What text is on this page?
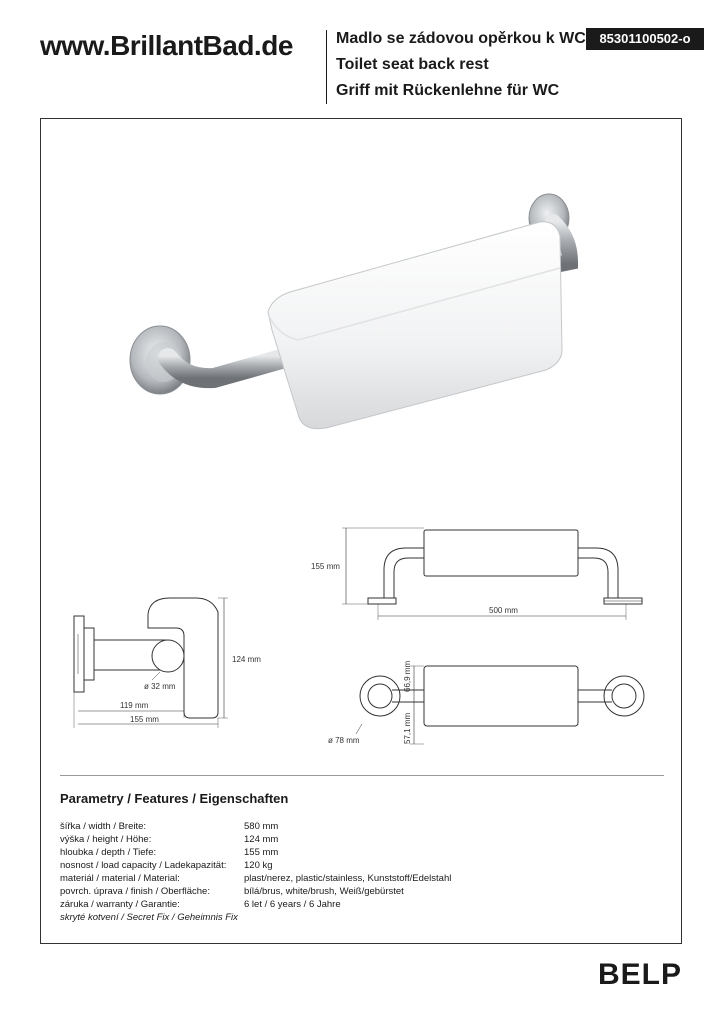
www.BrillantBad.de	Madlo se zádovou opěrkou k WC
Toilet seat back rest
Griff mit Rückenlehne für WC
85301100502-o
155 mm
500 mm
124 mm
ø 32 mm
119 mm
155 mm
66,9 mm
57,1 mm
ø 78 mm
Parametry / Features / Eigenschaften
šířka / width / Breite:	580 mm
výška / height / Höhe:	124 mm
hloubka / depth / Tiefe:	155 mm
nosnost / load capacity / Ladekapazität:	120 kg
materiál / material / Material:	plast/nerez, plastic/stainless, Kunststoff/Edelstahl
povrch. úprava / finish / Oberfläche:	bílá/brus, white/brush, Weiß/gebürstet
záruka / warranty / Garantie:	6 let / 6 years / 6 Jahre
skryté kotvení / Secret Fix / Geheimnis Fix
BELP
